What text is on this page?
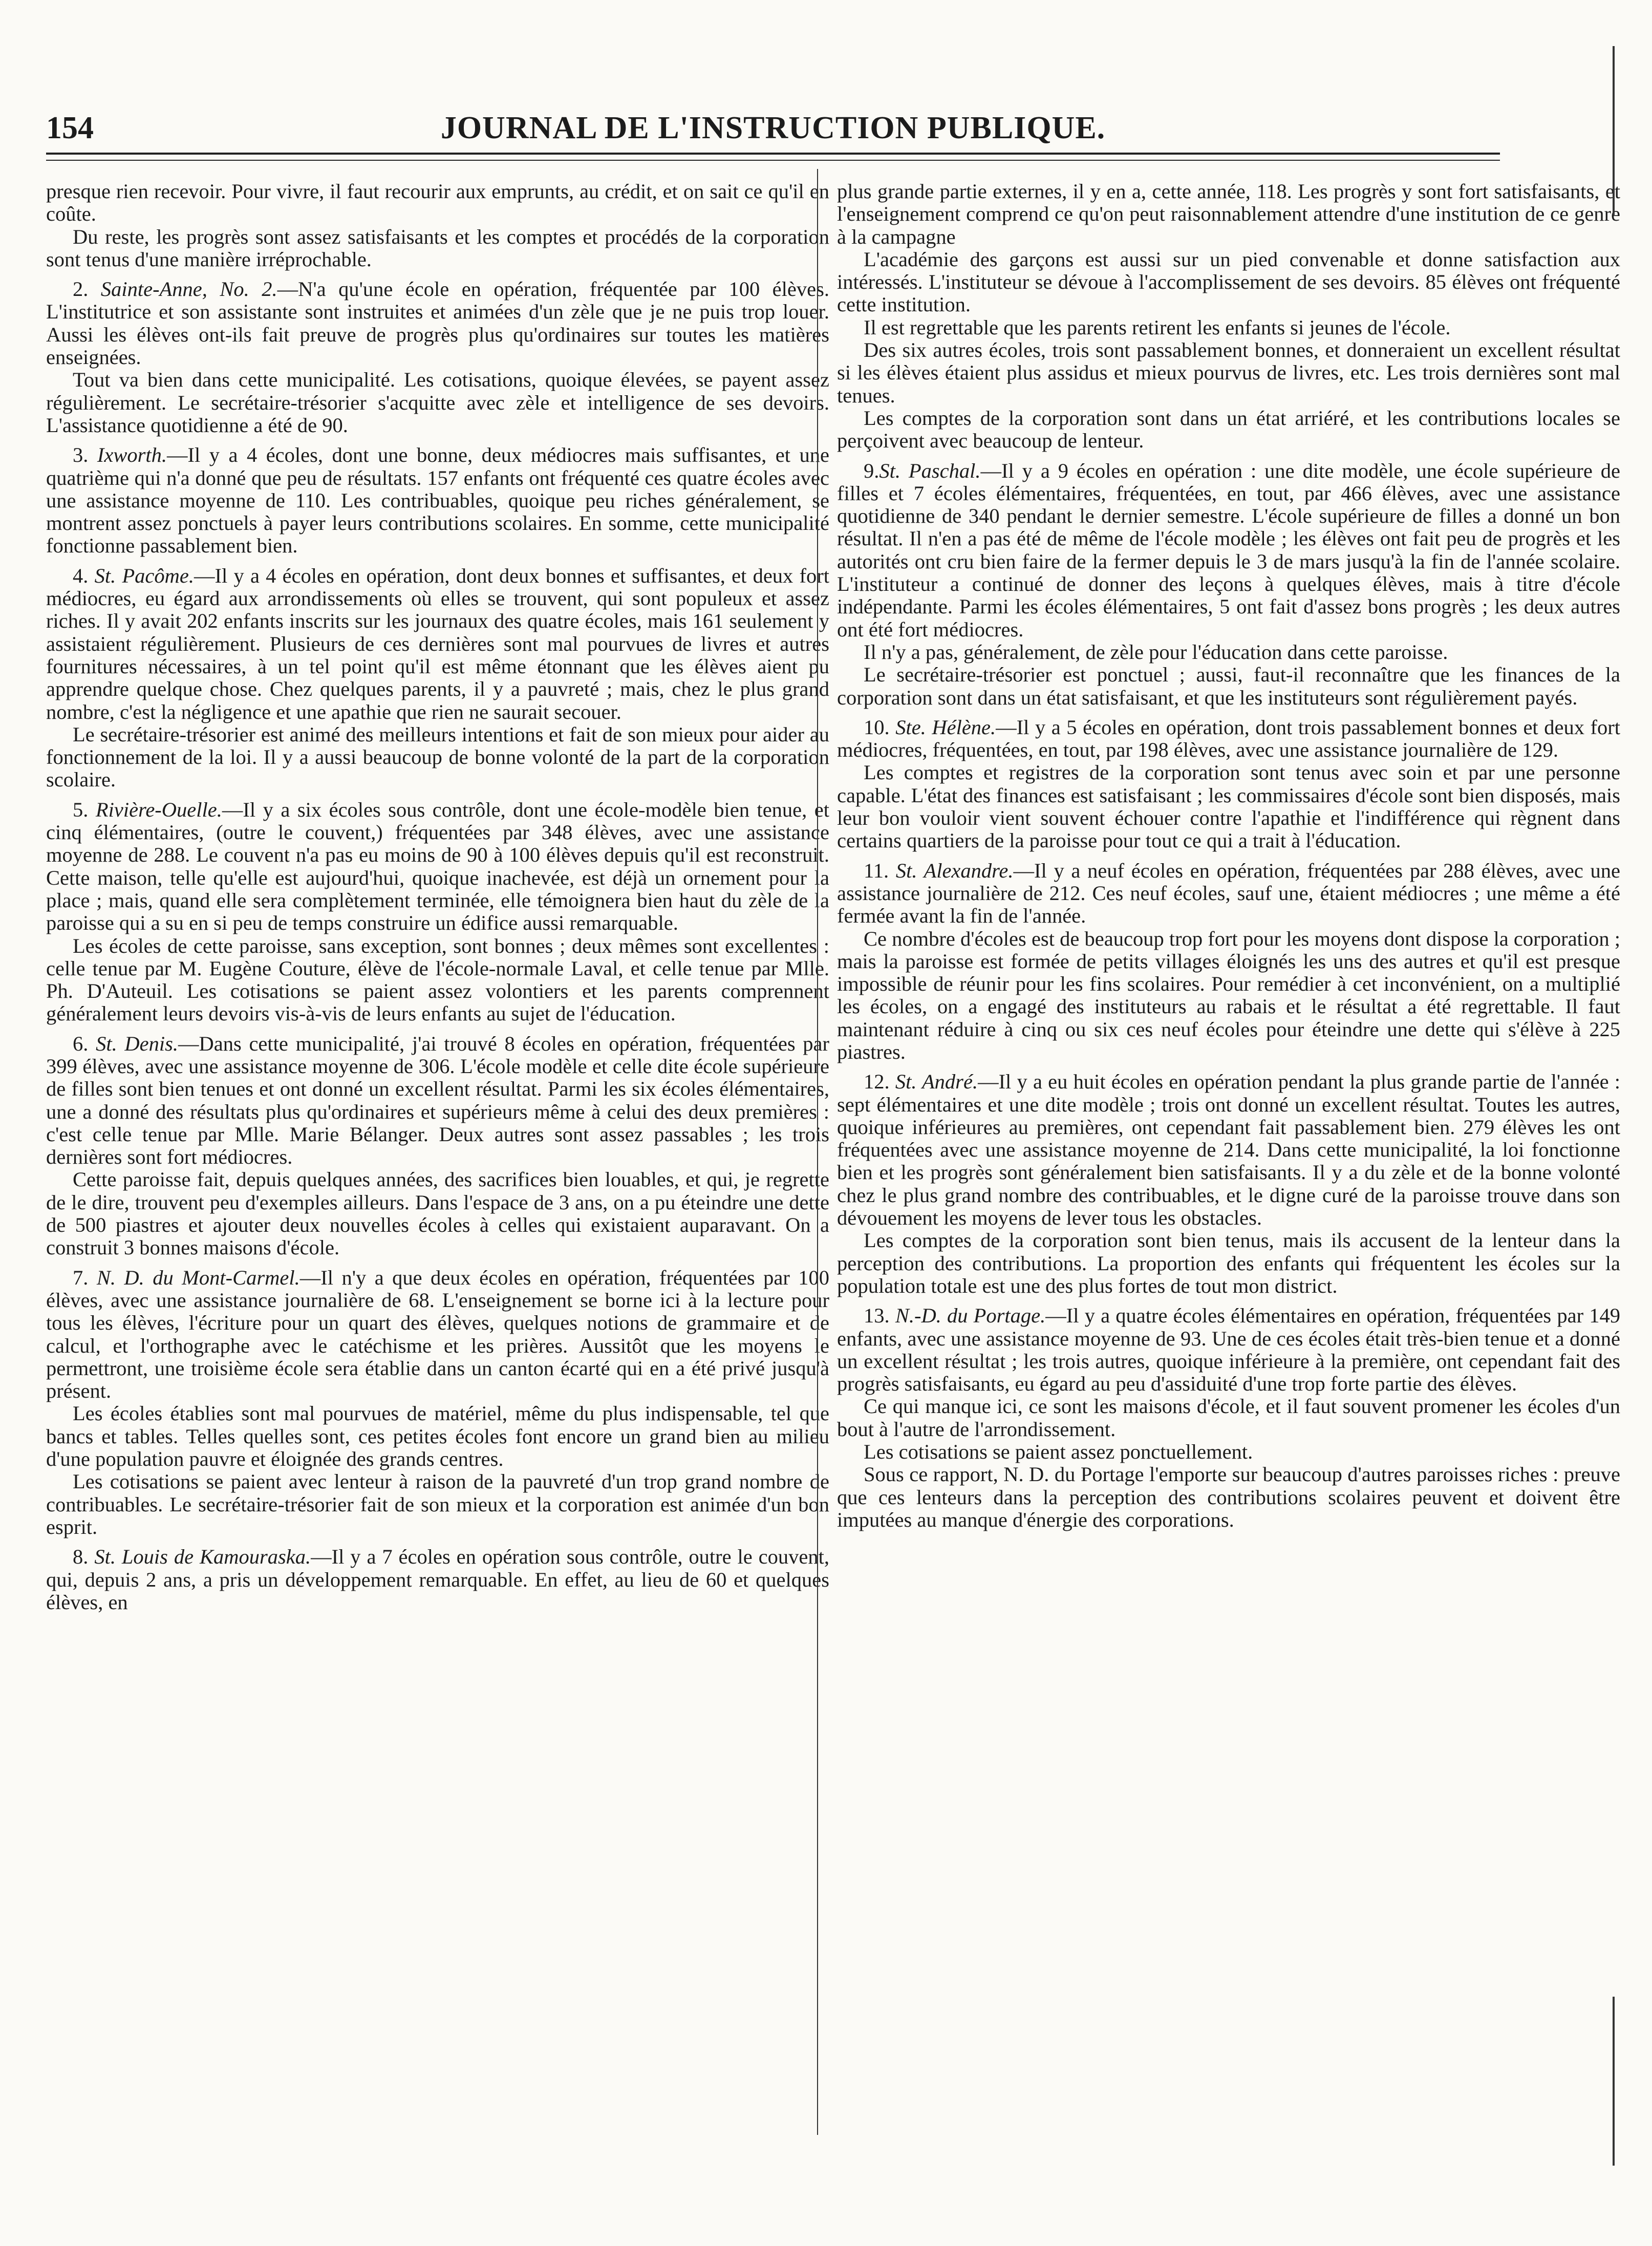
154	JOURNAL DE L'INSTRUCTION PUBLIQUE.

presque rien recevoir. Pour vivre, il faut recourir aux emprunts, au crédit, et on sait ce qu'il en coûte.

Du reste, les progrès sont assez satisfaisants et les comptes et procédés de la corporation sont tenus d'une manière irréprochable.

2. Sainte-Anne, No. 2.—N'a qu'une école en opération, fréquentée par 100 élèves. L'institutrice et son assistante sont instruites et animées d'un zèle que je ne puis trop louer. Aussi les élèves ont-ils fait preuve de progrès plus qu'ordinaires sur toutes les matières enseignées.

Tout va bien dans cette municipalité. Les cotisations, quoique élevées, se payent assez régulièrement. Le secrétaire-trésorier s'acquitte avec zèle et intelligence de ses devoirs. L'assistance quotidienne a été de 90.

3. Ixworth.—Il y a 4 écoles, dont une bonne, deux médiocres mais suffisantes, et une quatrième qui n'a donné que peu de résultats. 157 enfants ont fréquenté ces quatre écoles avec une assistance moyenne de 110. Les contribuables, quoique peu riches généralement, se montrent assez ponctuels à payer leurs contributions scolaires. En somme, cette municipalité fonctionne passablement bien.

4. St. Pacôme.—Il y a 4 écoles en opération, dont deux bonnes et suffisantes, et deux fort médiocres, eu égard aux arrondissements où elles se trouvent, qui sont populeux et assez riches. Il y avait 202 enfants inscrits sur les journaux des quatre écoles, mais 161 seulement y assistaient régulièrement. Plusieurs de ces dernières sont mal pourvues de livres et autres fournitures nécessaires, à un tel point qu'il est même étonnant que les élèves aient pu apprendre quelque chose. Chez quelques parents, il y a pauvreté ; mais, chez le plus grand nombre, c'est la négligence et une apathie que rien ne saurait secouer.

Le secrétaire-trésorier est animé des meilleurs intentions et fait de son mieux pour aider au fonctionnement de la loi. Il y a aussi beaucoup de bonne volonté de la part de la corporation scolaire.

5. Rivière-Ouelle.—Il y a six écoles sous contrôle, dont une école-modèle bien tenue, et cinq élémentaires, (outre le couvent,) fréquentées par 348 élèves, avec une assistance moyenne de 288. Le couvent n'a pas eu moins de 90 à 100 élèves depuis qu'il est reconstruit. Cette maison, telle qu'elle est aujourd'hui, quoique inachevée, est déjà un ornement pour la place ; mais, quand elle sera complètement terminée, elle témoignera bien haut du zèle de la paroisse qui a su en si peu de temps construire un édifice aussi remarquable.

Les écoles de cette paroisse, sans exception, sont bonnes ; deux mêmes sont excellentes : celle tenue par M. Eugène Couture, élève de l'école-normale Laval, et celle tenue par Mlle. Ph. D'Auteuil. Les cotisations se paient assez volontiers et les parents comprennent généralement leurs devoirs vis-à-vis de leurs enfants au sujet de l'éducation.

6. St. Denis.—Dans cette municipalité, j'ai trouvé 8 écoles en opération, fréquentées par 399 élèves, avec une assistance moyenne de 306. L'école modèle et celle dite école supérieure de filles sont bien tenues et ont donné un excellent résultat. Parmi les six écoles élémentaires, une a donné des résultats plus qu'ordinaires et supérieurs même à celui des deux premières : c'est celle tenue par Mlle. Marie Bélanger. Deux autres sont assez passables ; les trois dernières sont fort médiocres.

Cette paroisse fait, depuis quelques années, des sacrifices bien louables, et qui, je regrette de le dire, trouvent peu d'exemples ailleurs. Dans l'espace de 3 ans, on a pu éteindre une dette de 500 piastres et ajouter deux nouvelles écoles à celles qui existaient auparavant. On a construit 3 bonnes maisons d'école.

7. N. D. du Mont-Carmel.—Il n'y a que deux écoles en opération, fréquentées par 100 élèves, avec une assistance journalière de 68. L'enseignement se borne ici à la lecture pour tous les élèves, l'écriture pour un quart des élèves, quelques notions de grammaire et de calcul, et l'orthographe avec le catéchisme et les prières. Aussitôt que les moyens le permettront, une troisième école sera établie dans un canton écarté qui en a été privé jusqu'à présent.

Les écoles établies sont mal pourvues de matériel, même du plus indispensable, tel que bancs et tables. Telles quelles sont, ces petites écoles font encore un grand bien au milieu d'une population pauvre et éloignée des grands centres.

Les cotisations se paient avec lenteur à raison de la pauvreté d'un trop grand nombre de contribuables. Le secrétaire-trésorier fait de son mieux et la corporation est animée d'un bon esprit.

8. St. Louis de Kamouraska.—Il y a 7 écoles en opération sous contrôle, outre le couvent, qui, depuis 2 ans, a pris un développement remarquable. En effet, au lieu de 60 et quelques élèves, en

plus grande partie externes, il y en a, cette année, 118. Les progrès y sont fort satisfaisants, et l'enseignement comprend ce qu'on peut raisonnablement attendre d'une institution de ce genre à la campagne

L'académie des garçons est aussi sur un pied convenable et donne satisfaction aux intéressés. L'instituteur se dévoue à l'accomplissement de ses devoirs. 85 élèves ont fréquenté cette institution.

Il est regrettable que les parents retirent les enfants si jeunes de l'école.

Des six autres écoles, trois sont passablement bonnes, et donneraient un excellent résultat si les élèves étaient plus assidus et mieux pourvus de livres, etc. Les trois dernières sont mal tenues.

Les comptes de la corporation sont dans un état arriéré, et les contributions locales se perçoivent avec beaucoup de lenteur.

9.St. Paschal.—Il y a 9 écoles en opération : une dite modèle, une école supérieure de filles et 7 écoles élémentaires, fréquentées, en tout, par 466 élèves, avec une assistance quotidienne de 340 pendant le dernier semestre. L'école supérieure de filles a donné un bon résultat. Il n'en a pas été de même de l'école modèle ; les élèves ont fait peu de progrès et les autorités ont cru bien faire de la fermer depuis le 3 de mars jusqu'à la fin de l'année scolaire. L'instituteur a continué de donner des leçons à quelques élèves, mais à titre d'école indépendante. Parmi les écoles élémentaires, 5 ont fait d'assez bons progrès ; les deux autres ont été fort médiocres.

Il n'y a pas, généralement, de zèle pour l'éducation dans cette paroisse.

Le secrétaire-trésorier est ponctuel ; aussi, faut-il reconnaître que les finances de la corporation sont dans un état satisfaisant, et que les instituteurs sont régulièrement payés.

10. Ste. Hélène.—Il y a 5 écoles en opération, dont trois passablement bonnes et deux fort médiocres, fréquentées, en tout, par 198 élèves, avec une assistance journalière de 129.

Les comptes et registres de la corporation sont tenus avec soin et par une personne capable. L'état des finances est satisfaisant ; les commissaires d'école sont bien disposés, mais leur bon vouloir vient souvent échouer contre l'apathie et l'indifférence qui règnent dans certains quartiers de la paroisse pour tout ce qui a trait à l'éducation.

11. St. Alexandre.—Il y a neuf écoles en opération, fréquentées par 288 élèves, avec une assistance journalière de 212. Ces neuf écoles, sauf une, étaient médiocres ; une même a été fermée avant la fin de l'année.

Ce nombre d'écoles est de beaucoup trop fort pour les moyens dont dispose la corporation ; mais la paroisse est formée de petits villages éloignés les uns des autres et qu'il est presque impossible de réunir pour les fins scolaires. Pour remédier à cet inconvénient, on a multiplié les écoles, on a engagé des instituteurs au rabais et le résultat a été regrettable. Il faut maintenant réduire à cinq ou six ces neuf écoles pour éteindre une dette qui s'élève à 225 piastres.

12. St. André.—Il y a eu huit écoles en opération pendant la plus grande partie de l'année : sept élémentaires et une dite modèle ; trois ont donné un excellent résultat. Toutes les autres, quoique inférieures au premières, ont cependant fait passablement bien. 279 élèves les ont fréquentées avec une assistance moyenne de 214. Dans cette municipalité, la loi fonctionne bien et les progrès sont généralement bien satisfaisants. Il y a du zèle et de la bonne volonté chez le plus grand nombre des contribuables, et le digne curé de la paroisse trouve dans son dévouement les moyens de lever tous les obstacles.

Les comptes de la corporation sont bien tenus, mais ils accusent de la lenteur dans la perception des contributions. La proportion des enfants qui fréquentent les écoles sur la population totale est une des plus fortes de tout mon district.

13. N.-D. du Portage.—Il y a quatre écoles élémentaires en opération, fréquentées par 149 enfants, avec une assistance moyenne de 93. Une de ces écoles était très-bien tenue et a donné un excellent résultat ; les trois autres, quoique inférieure à la première, ont cependant fait des progrès satisfaisants, eu égard au peu d'assiduité d'une trop forte partie des élèves.

Ce qui manque ici, ce sont les maisons d'école, et il faut souvent promener les écoles d'un bout à l'autre de l'arrondissement.

Les cotisations se paient assez ponctuellement.

Sous ce rapport, N. D. du Portage l'emporte sur beaucoup d'autres paroisses riches : preuve que ces lenteurs dans la perception des contributions scolaires peuvent et doivent être imputées au manque d'énergie des corporations.
